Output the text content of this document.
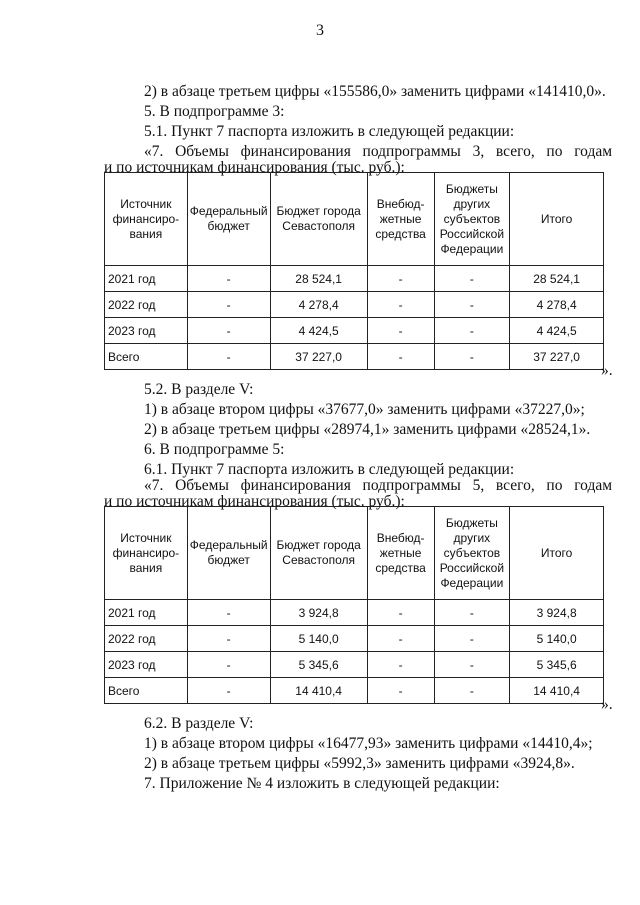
3
2) в абзаце третьем цифры «155586,0» заменить цифрами «141410,0».
5. В подпрограмме 3:
5.1. Пункт 7 паспорта изложить в следующей редакции:
«7. Объемы финансирования подпрограммы 3, всего, по годам
и по источникам финансирования (тыс. руб.):
Источник финансиро-вания	Федеральный бюджет	Бюджет города Севастополя	Внебюд-жетные средства	Бюджеты других субъектов Российской Федерации	Итого
2021 год	-	28 524,1	-	-	28 524,1
2022 год	-	4 278,4	-	-	4 278,4
2023 год	-	4 424,5	-	-	4 424,5
Всего	-	37 227,0	-	-	37 227,0
».
5.2. В разделе V:
1) в абзаце втором цифры «37677,0» заменить цифрами «37227,0»;
2) в абзаце третьем цифры «28974,1» заменить цифрами «28524,1».
6. В подпрограмме 5:
6.1. Пункт 7 паспорта изложить в следующей редакции:
«7. Объемы финансирования подпрограммы 5, всего, по годам
и по источникам финансирования (тыс. руб.):
Источник финансиро-вания	Федеральный бюджет	Бюджет города Севастополя	Внебюд-жетные средства	Бюджеты других субъектов Российской Федерации	Итого
2021 год	-	3 924,8	-	-	3 924,8
2022 год	-	5 140,0	-	-	5 140,0
2023 год	-	5 345,6	-	-	5 345,6
Всего	-	14 410,4	-	-	14 410,4
».
6.2. В разделе V:
1) в абзаце втором цифры «16477,93» заменить цифрами «14410,4»;
2) в абзаце третьем цифры «5992,3» заменить цифрами «3924,8».
7. Приложение № 4 изложить в следующей редакции:
